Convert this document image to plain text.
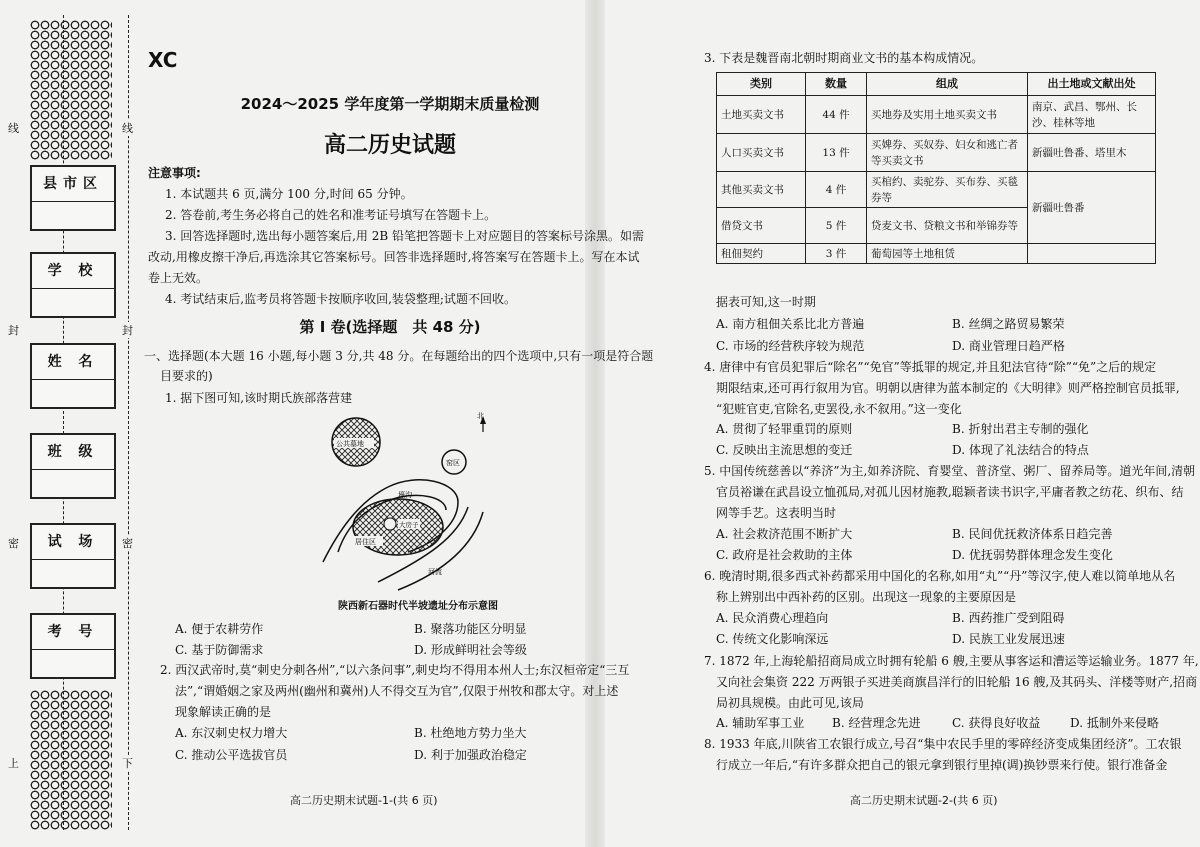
线	线
封	封
密	密
上	下
县市区
学 校
姓 名
班 级
试 场
考 号
XC
2024～2025 学年度第一学期期末质量检测
高二历史试题
注意事项:
1. 本试题共 6 页,满分 100 分,时间 65 分钟。
2. 答卷前,考生务必将自己的姓名和准考证号填写在答题卡上。
3. 回答选择题时,选出每小题答案后,用 2B 铅笔把答题卡上对应题目的答案标号涂黑。如需
改动,用橡皮擦干净后,再选涂其它答案标号。回答非选择题时,将答案写在答题卡上。写在本试
卷上无效。
4. 考试结束后,监考员将答题卡按顺序收回,装袋整理;试题不回收。
第 Ⅰ 卷(选择题　共 48 分)
一、选择题(本大题 16 小题,每小题 3 分,共 48 分。在每题给出的四个选项中,只有一项是符合题
目要求的)
1. 据下图可知,该时期氏族部落营建
北
公共墓地
窑区
壕沟
大房子
居住区
河流
陕西新石器时代半坡遗址分布示意图
A. 便于农耕劳作	B. 聚落功能区分明显
C. 基于防御需求	D. 形成鲜明社会等级
2. 西汉武帝时,莫“刺史分刺各州”,“以六条问事”,刺史均不得用本州人士;东汉桓帝定“三互
法”,“谓婚姻之家及两州(幽州和冀州)人不得交互为官”,仅限于州牧和郡太守。对上述
现象解读正确的是
A. 东汉刺史权力增大	B. 杜绝地方势力坐大
C. 推动公平选拔官员	D. 利于加强政治稳定
高二历史期末试题-1-(共 6 页)
3. 下表是魏晋南北朝时期商业文书的基本构成情况。
类别	数量	组成	出土地或文献出处
土地买卖文书	44 件	买地券及实用土地买卖文书	南京、武昌、鄂州、长沙、桂林等地
人口买卖文书	13 件	买婢券、买奴券、妇女和逃亡者等买卖文书	新疆吐鲁番、塔里木
其他买卖文书	4 件	买棺约、卖驼券、买布券、买毯券等	新疆吐鲁番
借贷文书	5 件	贷麦文书、贷粮文书和举锦券等	
租佃契约	3 件	葡萄园等土地租赁	
据表可知,这一时期
A. 南方租佃关系比北方普遍	B. 丝绸之路贸易繁荣
C. 市场的经营秩序较为规范	D. 商业管理日趋严格
4. 唐律中有官员犯罪后“除名”“免官”等抵罪的规定,并且犯法官待“除”“免”之后的规定
期限结束,还可再行叙用为官。明朝以唐律为蓝本制定的《大明律》则严格控制官员抵罪,
“犯赃官吏,官除名,吏罢役,永不叙用。”这一变化
A. 贯彻了轻罪重罚的原则	B. 折射出君主专制的强化
C. 反映出主流思想的变迁	D. 体现了礼法结合的特点
5. 中国传统慈善以“养济”为主,如养济院、育婴堂、普济堂、粥厂、留养局等。道光年间,清朝
官员裕谦在武昌设立恤孤局,对孤儿因材施教,聪颖者读书识字,平庸者教之纺花、织布、结
网等手艺。这表明当时
A. 社会救济范围不断扩大	B. 民间优抚救济体系日趋完善
C. 政府是社会救助的主体	D. 优抚弱势群体理念发生变化
6. 晚清时期,很多西式补药都采用中国化的名称,如用“丸”“丹”等汉字,使人难以简单地从名
称上辨别出中西补药的区别。出现这一现象的主要原因是
A. 民众消费心理趋向	B. 西药推广受到阻碍
C. 传统文化影响深远	D. 民族工业发展迅速
7. 1872 年,上海轮船招商局成立时拥有轮船 6 艘,主要从事客运和漕运等运输业务。1877 年,
又向社会集资 222 万两银子买进美商旗昌洋行的旧轮船 16 艘,及其码头、洋楼等财产,招商
局初具规模。由此可见,该局
A. 辅助军事工业 B. 经营理念先进	C. 获得良好收益 D. 抵制外来侵略
8. 1933 年底,川陕省工农银行成立,号召“集中农民手里的零碎经济变成集团经济”。工农银
行成立一年后,“有许多群众把自己的银元拿到银行里掉(调)换钞票来行使。银行准备金
高二历史期末试题-2-(共 6 页)
